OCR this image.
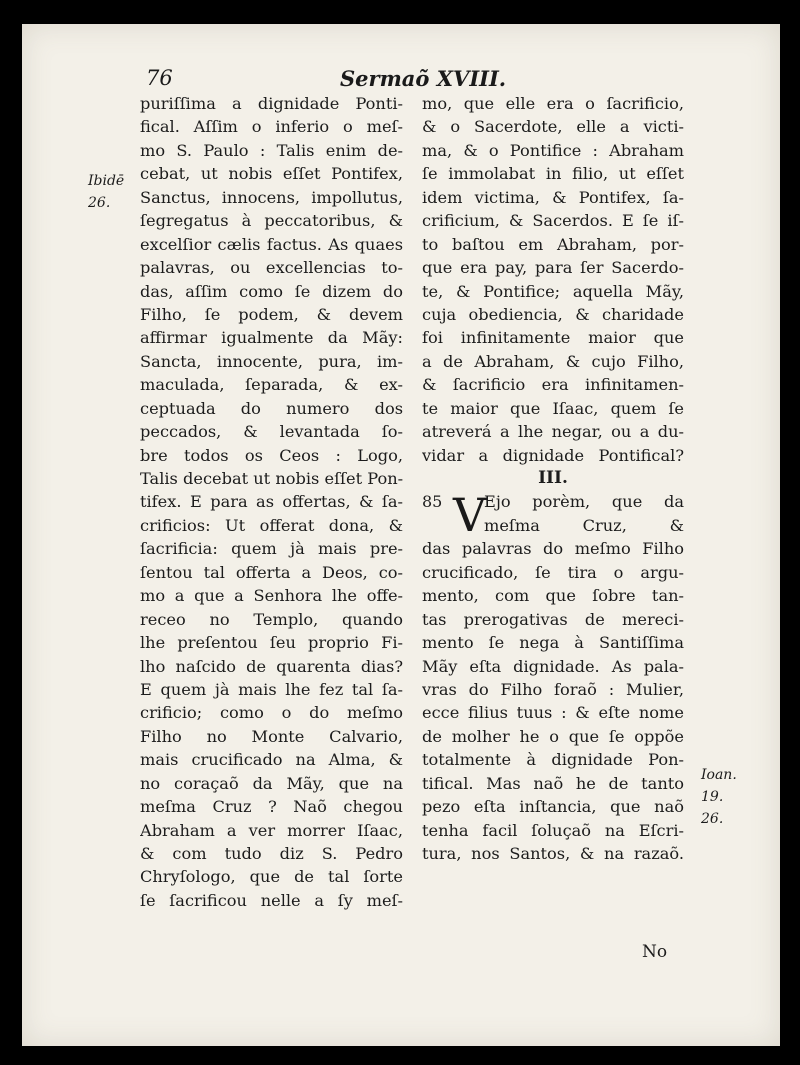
76	Sermaõ XVIII.
Ibidē
26.
puriſſima a dignidade Ponti-
fical. Aſſim o inferio o meſ-
mo S. Paulo : Talis enim de-
cebat, ut nobis eſſet Pontifex,
Sanctus, innocens, impollutus,
ſegregatus à peccatoribus, &
excelſior cælis factus. As quaes
palavras, ou excellencias to-
das, aſſim como ſe dizem do
Filho, ſe podem, & devem
affirmar igualmente da Mãy:
Sancta, innocente, pura, im-
maculada, ſeparada, & ex-
ceptuada do numero dos
peccados, & levantada ſo-
bre todos os Ceos : Logo,
Talis decebat ut nobis eſſet Pon-
tifex. E para as offertas, & ſa-
crificios: Ut offerat dona, &
ſacrificia: quem jà mais pre-
ſentou tal offerta a Deos, co-
mo a que a Senhora lhe offe-
receo no Templo, quando
lhe preſentou ſeu proprio Fi-
lho naſcido de quarenta dias?
E quem jà mais lhe fez tal ſa-
crificio; como o do meſmo
Filho no Monte Calvario,
mais crucificado na Alma, &
no coraçaõ da Mãy, que na
meſma Cruz ? Naõ chegou
Abraham a ver morrer Iſaac,
& com tudo diz S. Pedro
Chryſologo, que de tal ſorte
ſe ſacrificou nelle a ſy meſ-
mo, que elle era o ſacrificio,
& o Sacerdote, elle a victi-
ma, & o Pontifice : Abraham
ſe immolabat in filio, ut eſſet
idem victima, & Pontifex, ſa-
crificium, & Sacerdos. E ſe iſ-
to baſtou em Abraham, por-
que era pay, para ſer Sacerdo-
te, & Pontifice; aquella Mãy,
cuja obediencia, & charidade
foi infinitamente maior que
a de Abraham, & cujo Filho,
& ſacrificio era infinitamen-
te maior que Iſaac, quem ſe
atreverá a lhe negar, ou a du-
vidar a dignidade Pontifical?
III.
85 V
Ejo porèm, que da
meſma Cruz, &
das palavras do meſmo Filho
crucificado, ſe tira o argu-
mento, com que ſobre tan-
tas prerogativas de mereci-
mento ſe nega à Santiſſima
Mãy eſta dignidade. As pala-
vras do Filho foraõ : Mulier,
ecce filius tuus : & eſte nome
de molher he o que ſe oppõe
totalmente à dignidade Pon-
tifical. Mas naõ he de tanto
pezo eſta inſtancia, que naõ
tenha facil ſoluçaõ na Eſcri-
tura, nos Santos, & na razaõ.
Ioan.
19.
26.
No
